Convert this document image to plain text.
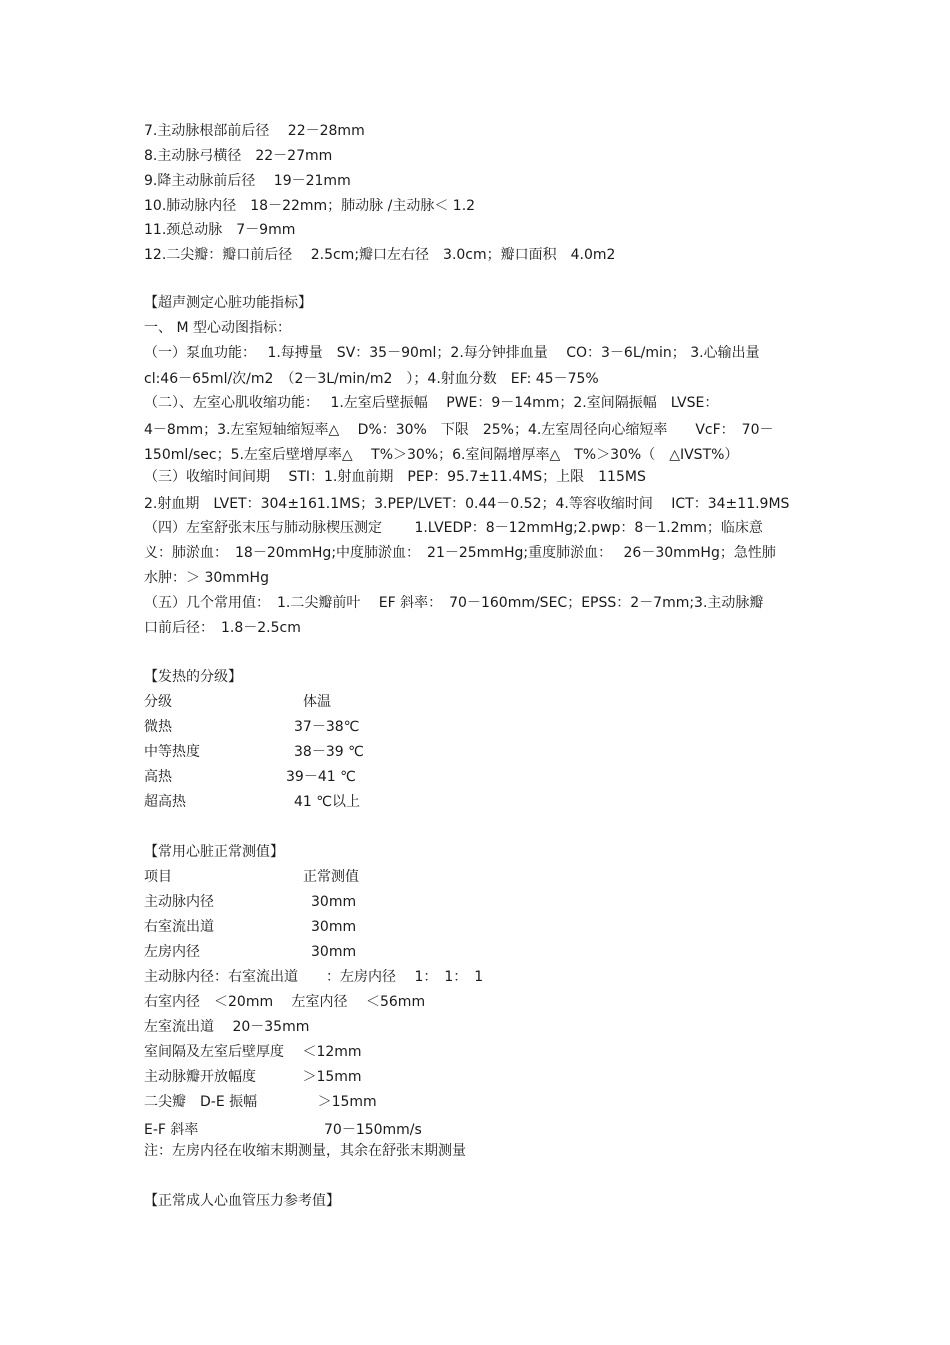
7.主动脉根部前后径　 22－28mm
8.主动脉弓横径　22－27mm
9.降主动脉前后径　 19－21mm
10.肺动脉内径　18－22mm；肺动脉 /主动脉＜ 1.2
11.颈总动脉　7－9mm
12.二尖瓣：瓣口前后径　 2.5cm;瓣口左右径　3.0cm；瓣口面积　4.0m2
【超声测定心脏功能指标】
一、 M 型心动图指标：
（一）泵血功能：　 1.每搏量　SV：35－90ml；2.每分钟排血量　 CO：3－6L/min； 3.心输出量
cl:46－65ml/次/m2　（2－3L/min/m2　）；4.射血分数　EF: 45－75%
（二）、左室心肌收缩功能：　 1.左室后壁振幅　 PWE：9－14mm；2.室间隔振幅　LVSE：
4－8mm；3.左室短轴缩短率△　 D%：30%　下限　25%；4.左室周径向心缩短率　　VcF：　70－
150ml/sec；5.左室后壁增厚率△　 T%＞30%；6.室间隔增厚率△　T%＞30%（　△IVST%）
（三）收缩时间间期　 STI：1.射血前期　PEP：95.7±11.4MS；上限　115MS
2.射血期　LVET：304±161.1MS；3.PEP/LVET：0.44－0.52；4.等容收缩时间　 ICT：34±11.9MS
（四）左室舒张末压与肺动脉楔压测定　　 1.LVEDP：8－12mmHg;2.pwp：8－1.2mm；临床意
义：肺淤血：　18－20mmHg;中度肺淤血：　21－25mmHg;重度肺淤血：　 26－30mmHg；急性肺
水肿：＞ 30mmHg
（五）几个常用值：　1.二尖瓣前叶　 EF 斜率：　70－160mm/SEC；EPSS：2－7mm;3.主动脉瓣
口前后径：　1.8－2.5cm
【发热的分级】
分级	体温
微热	37－38℃
中等热度	38－39 ℃
高热	39－41 ℃
超高热	41 ℃以上
【常用心脏正常测值】
项目	正常测值
主动脉内径	30mm
右室流出道	30mm
左房内径	30mm
主动脉内径：右室流出道　　：左房内径　 1：　1：　1
右室内径　＜20mm　 左室内径　 ＜56mm
左室流出道　 20－35mm
室间隔及左室后壁厚度　 ＜12mm
主动脉瓣开放幅度　　　 ＞15mm
二尖瓣　D-E 振幅　　　　 ＞15mm
E-F 斜率	70－150mm/s
注：左房内径在收缩末期测量，其余在舒张末期测量
【正常成人心血管压力参考值】
